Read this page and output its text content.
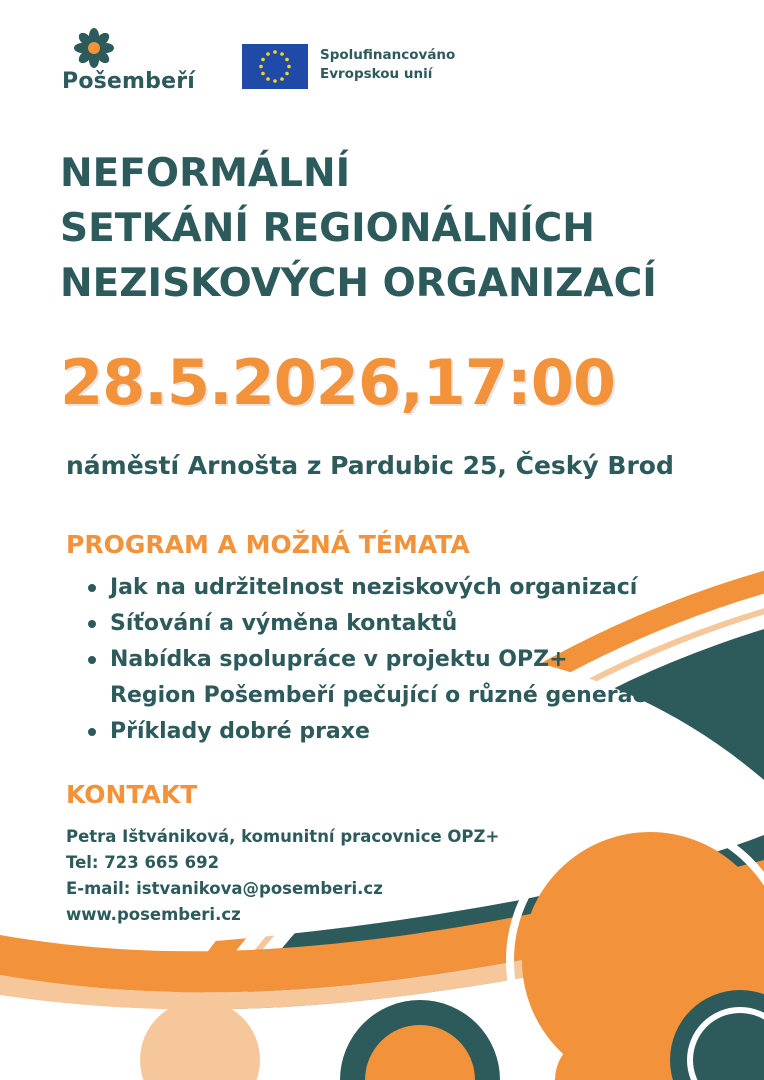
Pošembeří
Spolufinancováno
Evropskou unií
NEFORMÁLNÍ
SETKÁNÍ REGIONÁLNÍCH
NEZISKOVÝCH ORGANIZACÍ
28.5.2026,17:00
náměstí Arnošta z Pardubic 25, Český Brod
PROGRAM A MOŽNÁ TÉMATA
Jak na udržitelnost neziskových organizací
Síťování a výměna kontaktů
Nabídka spolupráce v projektu OPZ+
Region Pošembeří pečující o různé generace 2
Příklady dobré praxe
KONTAKT
Petra Ištvániková, komunitní pracovnice OPZ+
Tel: 723 665 692
E-mail: istvanikova@posemberi.cz
www.posemberi.cz
